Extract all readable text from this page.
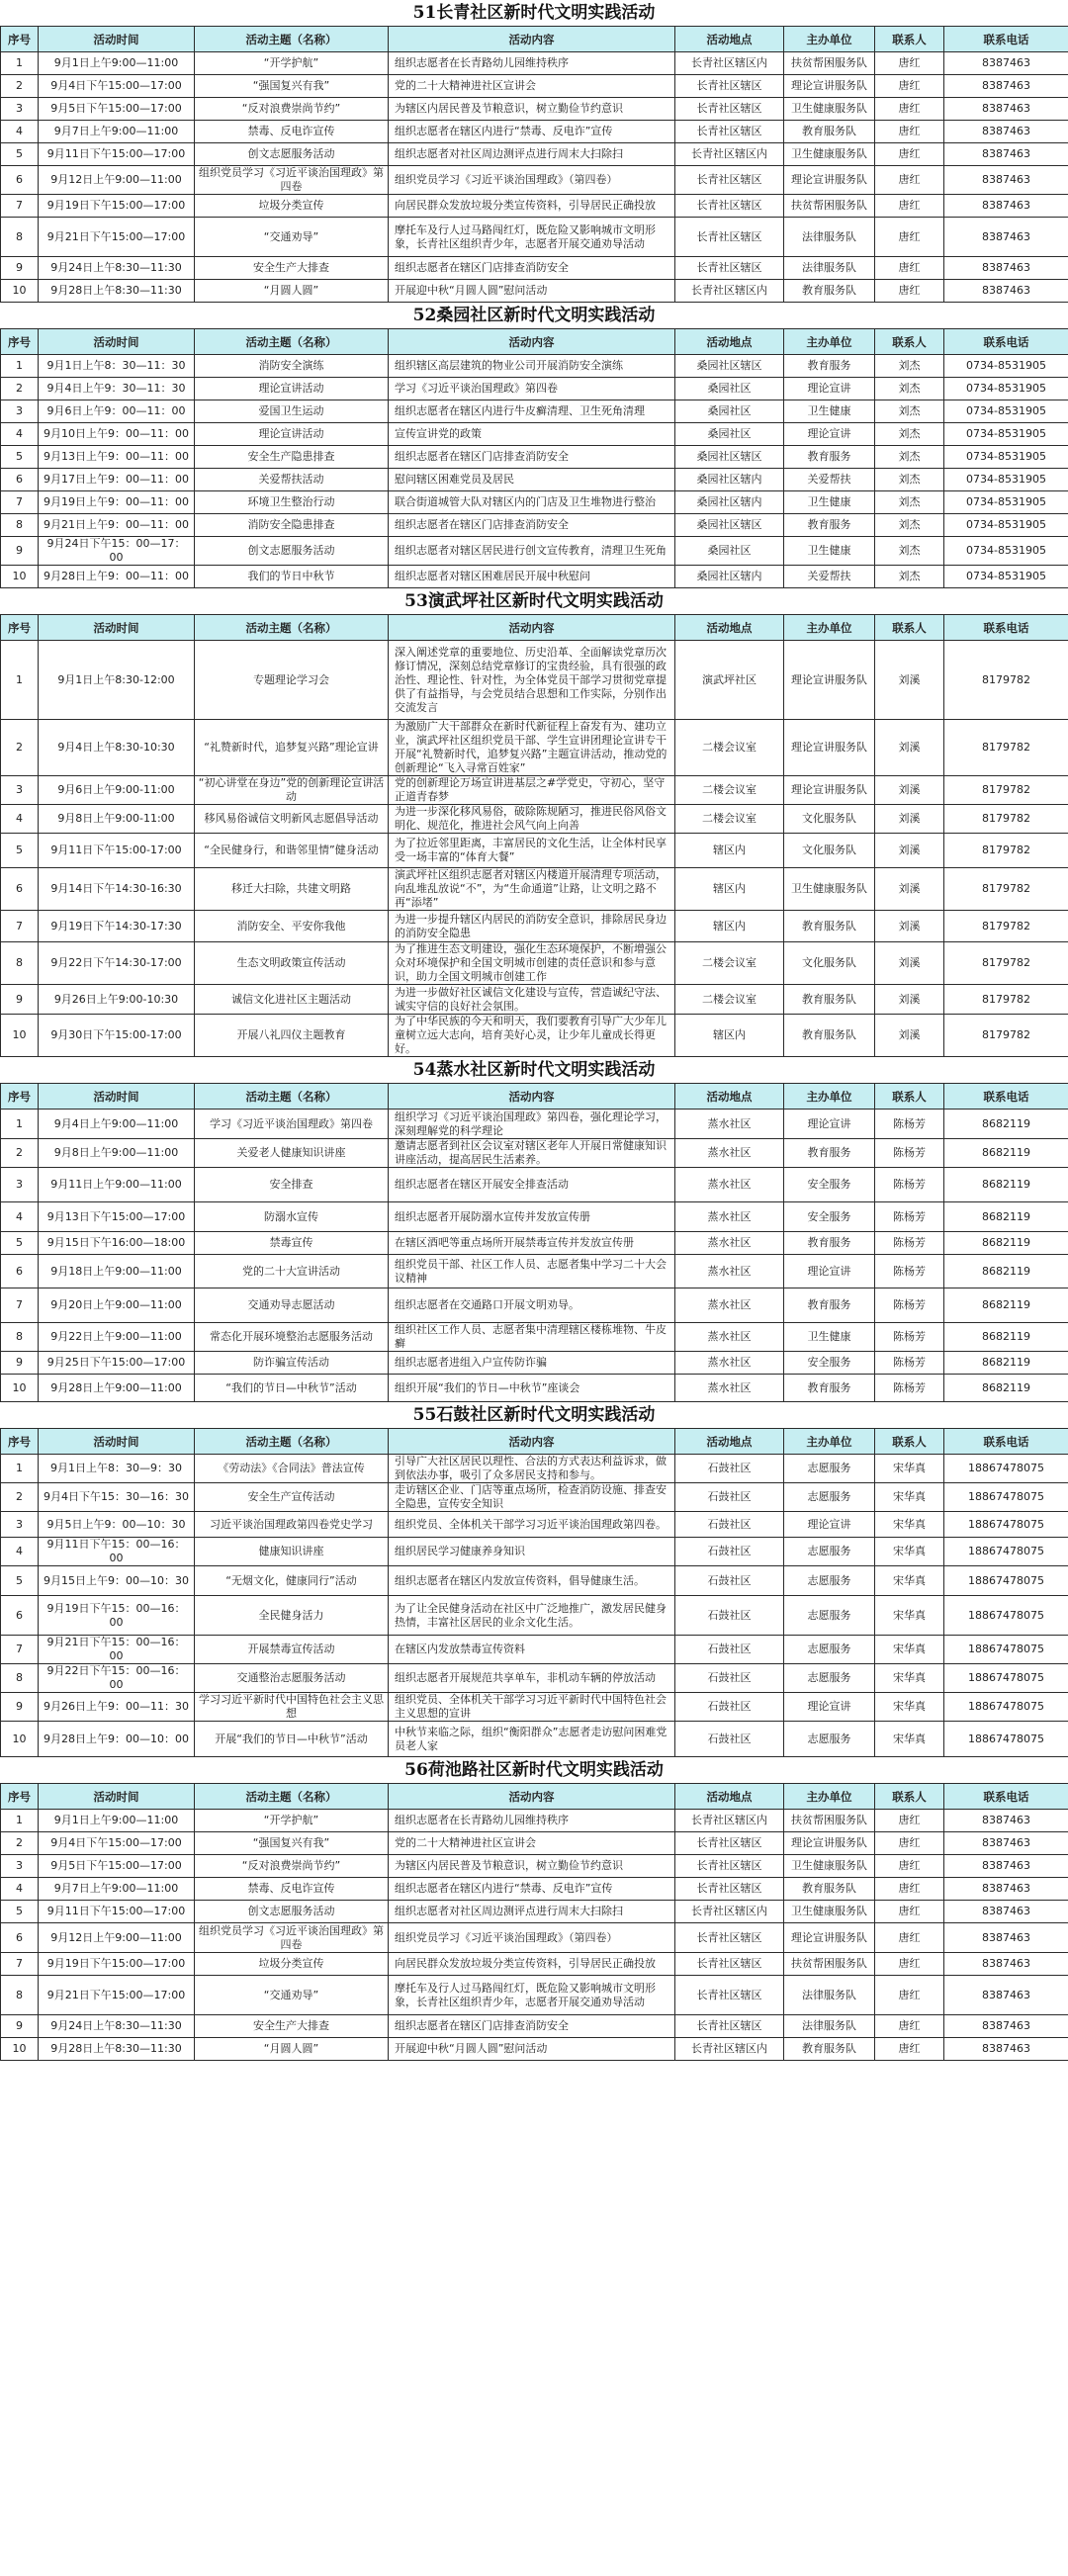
51长青社区新时代文明实践活动
序号	活动时间	活动主题（名称）	活动内容	活动地点	主办单位	联系人	联系电话
1	9月1日上午9:00—11:00	“开学护航”	组织志愿者在长青路幼儿园维持秩序	长青社区辖区内	扶贫帮困服务队	唐红	8387463
2	9月4日下午15:00—17:00	“强国复兴有我”	党的二十大精神进社区宣讲会	长青社区辖区	理论宣讲服务队	唐红	8387463
3	9月5日下午15:00—17:00	“反对浪费崇尚节约”	为辖区内居民普及节粮意识，树立勤俭节约意识	长青社区辖区	卫生健康服务队	唐红	8387463
4	9月7日上午9:00—11:00	禁毒、反电诈宣传	组织志愿者在辖区内进行“禁毒、反电诈”宣传	长青社区辖区	教育服务队	唐红	8387463
5	9月11日下午15:00—17:00	创文志愿服务活动	组织志愿者对社区周边测评点进行周末大扫除扫	长青社区辖区内	卫生健康服务队	唐红	8387463
6	9月12日上午9:00—11:00	组织党员学习《习近平谈治国理政》第四卷	组织党员学习《习近平谈治国理政》（第四卷）	长青社区辖区	理论宣讲服务队	唐红	8387463
7	9月19日下午15:00—17:00	垃圾分类宣传	向居民群众发放垃圾分类宣传资料，引导居民正确投放	长青社区辖区	扶贫帮困服务队	唐红	8387463
8	9月21日下午15:00—17:00	“交通劝导”	摩托车及行人过马路闯红灯，既危险又影响城市文明形象，长青社区组织青少年，志愿者开展交通劝导活动	长青社区辖区	法律服务队	唐红	8387463
9	9月24日上午8:30—11:30	安全生产大排查	组织志愿者在辖区门店排查消防安全	长青社区辖区	法律服务队	唐红	8387463
10	9月28日上午8:30—11:30	“月圆人圆”	开展迎中秋“月圆人圆”慰问活动	长青社区辖区内	教育服务队	唐红	8387463
52桑园社区新时代文明实践活动
序号	活动时间	活动主题（名称）	活动内容	活动地点	主办单位	联系人	联系电话
1	9月1日上午8：30—11：30	消防安全演练	组织辖区高层建筑的物业公司开展消防安全演练	桑园社区辖区	教育服务	刘杰	0734-8531905
2	9月4日上午9：30—11：30	理论宣讲活动	学习《习近平谈治国理政》第四卷	桑园社区	理论宣讲	刘杰	0734-8531905
3	9月6日上午9：00—11：00	爱国卫生运动	组织志愿者在辖区内进行牛皮癣清理、卫生死角清理	桑园社区	卫生健康	刘杰	0734-8531905
4	9月10日上午9：00—11：00	理论宣讲活动	宣传宣讲党的政策	桑园社区	理论宣讲	刘杰	0734-8531905
5	9月13日上午9：00—11：00	安全生产隐患排查	组织志愿者在辖区门店排查消防安全	桑园社区辖区	教育服务	刘杰	0734-8531905
6	9月17日上午9：00—11：00	关爱帮扶活动	慰问辖区困难党员及居民	桑园社区辖内	关爱帮扶	刘杰	0734-8531905
7	9月19日上午9：00—11：00	环境卫生整治行动	联合街道城管大队对辖区内的门店及卫生堆物进行整治	桑园社区辖内	卫生健康	刘杰	0734-8531905
8	9月21日上午9：00—11：00	消防安全隐患排查	组织志愿者在辖区门店排查消防安全	桑园社区辖区	教育服务	刘杰	0734-8531905
9	9月24日下午15：00—17：00	创文志愿服务活动	组织志愿者对辖区居民进行创文宣传教育，清理卫生死角	桑园社区	卫生健康	刘杰	0734-8531905
10	9月28日上午9：00—11：00	我们的节日中秋节	组织志愿者对辖区困难居民开展中秋慰问	桑园社区辖内	关爱帮扶	刘杰	0734-8531905
53演武坪社区新时代文明实践活动
序号	活动时间	活动主题（名称）	活动内容	活动地点	主办单位	联系人	联系电话
1	9月1日上午8:30-12:00	专题理论学习会	深入阐述党章的重要地位、历史沿革、全面解读党章历次修订情况，深刻总结党章修订的宝贵经验，具有很强的政治性、理论性、针对性，为全体党员干部学习贯彻党章提供了有益指导，与会党员结合思想和工作实际，分别作出交流发言	演武坪社区	理论宣讲服务队	刘溪	8179782
2	9月4日上午8:30-10:30	“礼赞新时代，追梦复兴路”理论宣讲	为激励广大干部群众在新时代新征程上奋发有为、建功立业，演武坪社区组织党员干部、学生宣讲团理论宣讲专干开展“礼赞新时代，追梦复兴路”主题宣讲活动，推动党的创新理论“飞入寻常百姓家”	二楼会议室	理论宣讲服务队	刘溪	8179782
3	9月6日上午9:00-11:00	“初心讲堂在身边”党的创新理论宣讲活动	党的创新理论万场宣讲进基层之#学党史，守初心，坚守正道青春梦	二楼会议室	理论宣讲服务队	刘溪	8179782
4	9月8日上午9:00-11:00	移风易俗诚信文明新风志愿倡导活动	为进一步深化移风易俗，破除陈规陋习，推进民俗风俗文明化、规范化，推进社会风气向上向善	二楼会议室	文化服务队	刘溪	8179782
5	9月11日下午15:00-17:00	“全民健身行，和谐邻里情”健身活动	为了拉近邻里距离，丰富居民的文化生活，让全体村民享受一场丰富的“体育大餐”	辖区内	文化服务队	刘溪	8179782
6	9月14日下午14:30-16:30	移迁大扫除，共建文明路	演武坪社区组织志愿者对辖区内楼道开展清理专项活动，向乱堆乱放说“不”，为“生命通道”让路，让文明之路不再“添堵”	辖区内	卫生健康服务队	刘溪	8179782
7	9月19日下午14:30-17:30	消防安全、平安你我他	为进一步提升辖区内居民的消防安全意识，排除居民身边的消防安全隐患	辖区内	教育服务队	刘溪	8179782
8	9月22日下午14:30-17:00	生态文明政策宣传活动	为了推进生态文明建设，强化生态环境保护，不断增强公众对环境保护和全国文明城市创建的责任意识和参与意识，助力全国文明城市创建工作	二楼会议室	文化服务队	刘溪	8179782
9	9月26日上午9:00-10:30	诚信文化进社区主题活动	为进一步做好社区诚信文化建设与宣传，营造诚纪守法、诚实守信的良好社会氛围。	二楼会议室	教育服务队	刘溪	8179782
10	9月30日下午15:00-17:00	开展八礼四仪主题教育	为了中华民族的今天和明天，我们要教育引导广大少年儿童树立远大志向，培育美好心灵，让少年儿童成长得更好。	辖区内	教育服务队	刘溪	8179782
54蒸水社区新时代文明实践活动
序号	活动时间	活动主题（名称）	活动内容	活动地点	主办单位	联系人	联系电话
1	9月4日上午9:00—11:00	学习《习近平谈治国理政》第四卷	组织学习《习近平谈治国理政》第四卷，强化理论学习，深刻理解党的科学理论	蒸水社区	理论宣讲	陈杨芳	8682119
2	9月8日上午9:00—11:00	关爱老人健康知识讲座	邀请志愿者到社区会议室对辖区老年人开展日常健康知识讲座活动，提高居民生活素养。	蒸水社区	教育服务	陈杨芳	8682119
3	9月11日上午9:00—11:00	安全排查	组织志愿者在辖区开展安全排查活动	蒸水社区	安全服务	陈杨芳	8682119
4	9月13日下午15:00—17:00	防溺水宣传	组织志愿者开展防溺水宣传并发放宣传册	蒸水社区	安全服务	陈杨芳	8682119
5	9月15日下午16:00—18:00	禁毒宣传	在辖区酒吧等重点场所开展禁毒宣传并发放宣传册	蒸水社区	教育服务	陈杨芳	8682119
6	9月18日上午9:00—11:00	党的二十大宣讲活动	组织党员干部、社区工作人员、志愿者集中学习二十大会议精神	蒸水社区	理论宣讲	陈杨芳	8682119
7	9月20日上午9:00—11:00	交通劝导志愿活动	组织志愿者在交通路口开展文明劝导。	蒸水社区	教育服务	陈杨芳	8682119
8	9月22日上午9:00—11:00	常态化开展环境整治志愿服务活动	组织社区工作人员、志愿者集中清理辖区楼栋堆物、牛皮癣	蒸水社区	卫生健康	陈杨芳	8682119
9	9月25日下午15:00—17:00	防诈骗宣传活动	组织志愿者进组入户宣传防诈骗	蒸水社区	安全服务	陈杨芳	8682119
10	9月28日上午9:00—11:00	“我们的节日—中秋节”活动	组织开展“我们的节日—中秋节”座谈会	蒸水社区	教育服务	陈杨芳	8682119
55石鼓社区新时代文明实践活动
序号	活动时间	活动主题（名称）	活动内容	活动地点	主办单位	联系人	联系电话
1	9月1日上午8：30—9：30	《劳动法》《合同法》普法宣传	引导广大社区居民以理性、合法的方式表达利益诉求，做到依法办事，吸引了众多居民支持和参与。	石鼓社区	志愿服务	宋华真	18867478075
2	9月4日下午15：30—16：30	安全生产宣传活动	走访辖区企业、门店等重点场所，检查消防设施、排查安全隐患，宣传安全知识	石鼓社区	志愿服务	宋华真	18867478075
3	9月5日上午9：00—10：30	习近平谈治国理政第四卷党史学习	组织党员、全体机关干部学习习近平谈治国理政第四卷。	石鼓社区	理论宣讲	宋华真	18867478075
4	9月11日下午15：00—16：00	健康知识讲座	组织居民学习健康养身知识	石鼓社区	志愿服务	宋华真	18867478075
5	9月15日上午9：00—10：30	“无烟文化，健康同行”活动	组织志愿者在辖区内发放宣传资料，倡导健康生活。	石鼓社区	志愿服务	宋华真	18867478075
6	9月19日下午15：00—16：00	全民健身活力	为了让全民健身活动在社区中广泛地推广，激发居民健身热情，丰富社区居民的业余文化生活。	石鼓社区	志愿服务	宋华真	18867478075
7	9月21日下午15：00—16：00	开展禁毒宣传活动	在辖区内发放禁毒宣传资料	石鼓社区	志愿服务	宋华真	18867478075
8	9月22日下午15：00—16：00	交通整治志愿服务活动	组织志愿者开展规范共享单车，非机动车辆的停放活动	石鼓社区	志愿服务	宋华真	18867478075
9	9月26日上午9：00—11：30	学习习近平新时代中国特色社会主义思想	组织党员、全体机关干部学习习近平新时代中国特色社会主义思想的宣讲	石鼓社区	理论宣讲	宋华真	18867478075
10	9月28日上午9：00—10：00	开展“我们的节日—中秋节”活动	中秋节来临之际，组织“衡阳群众”志愿者走访慰问困难党员老人家	石鼓社区	志愿服务	宋华真	18867478075
56荷池路社区新时代文明实践活动
序号	活动时间	活动主题（名称）	活动内容	活动地点	主办单位	联系人	联系电话
1	9月1日上午9:00—11:00	“开学护航”	组织志愿者在长青路幼儿园维持秩序	长青社区辖区内	扶贫帮困服务队	唐红	8387463
2	9月4日下午15:00—17:00	“强国复兴有我”	党的二十大精神进社区宣讲会	长青社区辖区	理论宣讲服务队	唐红	8387463
3	9月5日下午15:00—17:00	“反对浪费崇尚节约”	为辖区内居民普及节粮意识，树立勤俭节约意识	长青社区辖区	卫生健康服务队	唐红	8387463
4	9月7日上午9:00—11:00	禁毒、反电诈宣传	组织志愿者在辖区内进行“禁毒、反电诈”宣传	长青社区辖区	教育服务队	唐红	8387463
5	9月11日下午15:00—17:00	创文志愿服务活动	组织志愿者对社区周边测评点进行周末大扫除扫	长青社区辖区内	卫生健康服务队	唐红	8387463
6	9月12日上午9:00—11:00	组织党员学习《习近平谈治国理政》第四卷	组织党员学习《习近平谈治国理政》（第四卷）	长青社区辖区	理论宣讲服务队	唐红	8387463
7	9月19日下午15:00—17:00	垃圾分类宣传	向居民群众发放垃圾分类宣传资料，引导居民正确投放	长青社区辖区	扶贫帮困服务队	唐红	8387463
8	9月21日下午15:00—17:00	“交通劝导”	摩托车及行人过马路闯红灯，既危险又影响城市文明形象，长青社区组织青少年，志愿者开展交通劝导活动	长青社区辖区	法律服务队	唐红	8387463
9	9月24日上午8:30—11:30	安全生产大排查	组织志愿者在辖区门店排查消防安全	长青社区辖区	法律服务队	唐红	8387463
10	9月28日上午8:30—11:30	“月圆人圆”	开展迎中秋“月圆人圆”慰问活动	长青社区辖区内	教育服务队	唐红	8387463
